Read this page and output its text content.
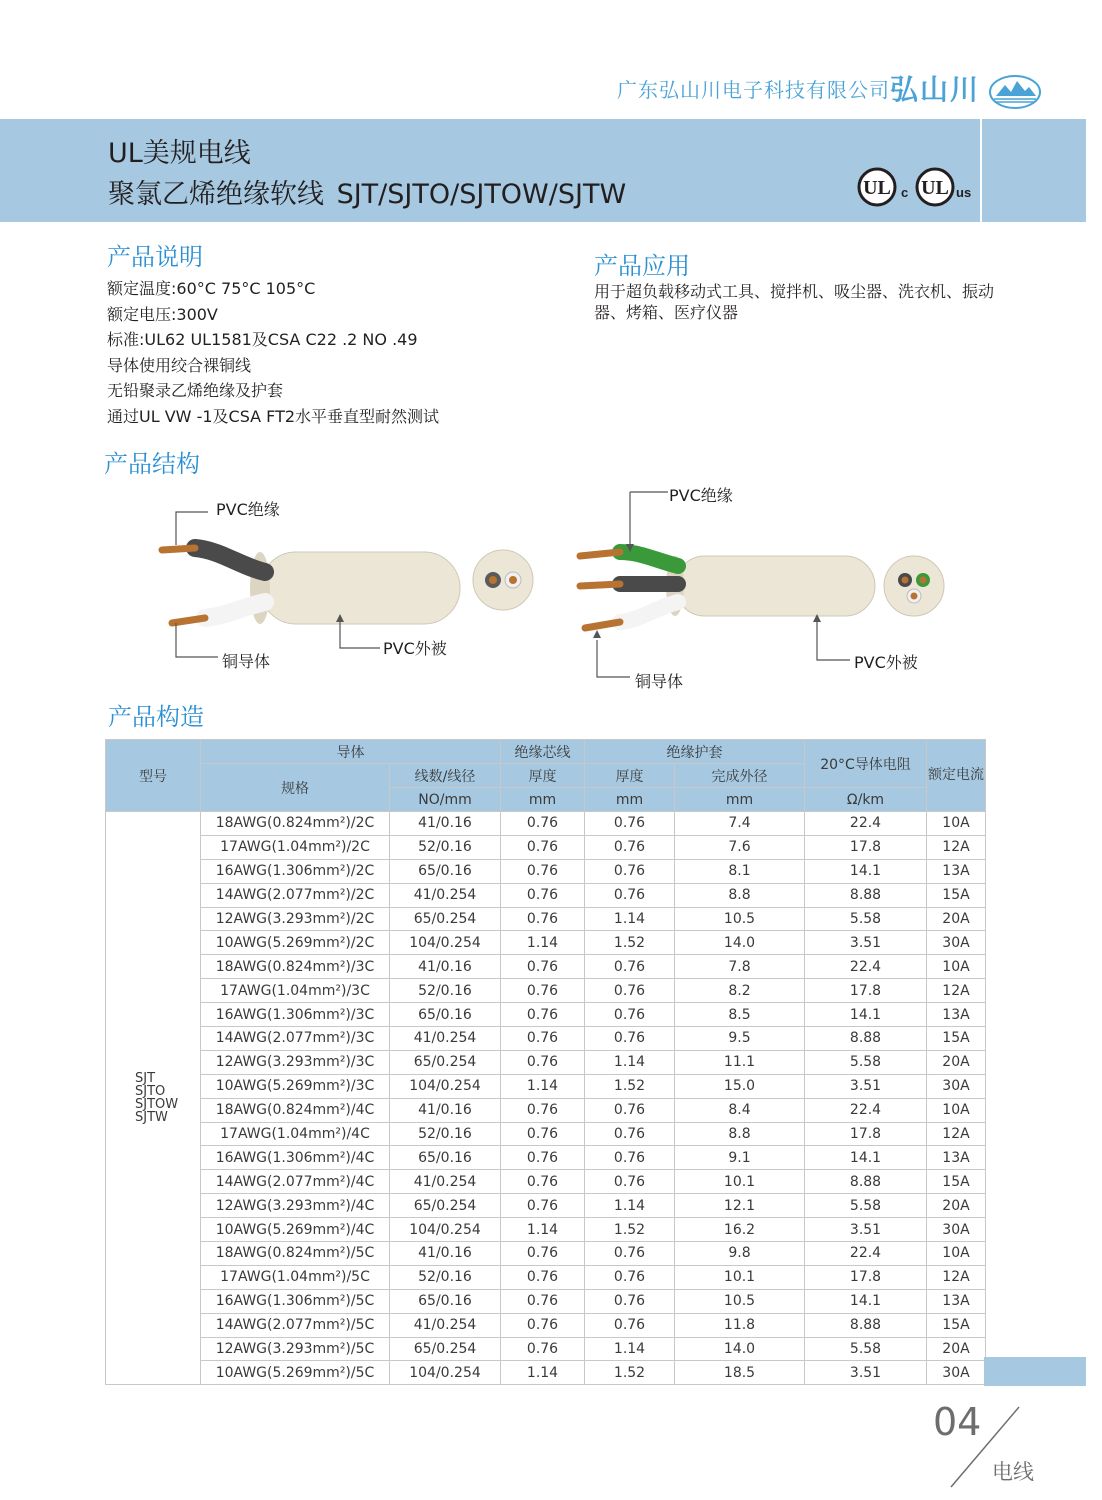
广东弘山川电子科技有限公司 弘山川
UL美规电线
聚氯乙烯绝缘软线 SJT/SJTO/SJTOW/SJTW	UL c UL us
产品说明
额定温度:60°C 75°C 105°C
额定电压:300V
标准:UL62 UL1581及CSA C22 .2 NO .49
导体使用绞合裸铜线
无铅聚录乙烯绝缘及护套
通过UL VW -1及CSA FT2水平垂直型耐然测试
产品应用
用于超负载移动式工具、搅拌机、吸尘器、洗衣机、振动器、烤箱、医疗仪器
产品结构
PVC绝缘
铜导体
PVC外被
PVC绝缘
铜导体
PVC外被
产品构造
型号	导体		绝缘芯线	绝缘护套		20°C导体电阻	额定电流
	规格	线数/线径	厚度	厚度	完成外径		
		NO/mm	mm	mm	mm	Ω/km	

SJT
SJTO
SJTOW
SJTW	18AWG(0.824mm²)/2C	41/0.16	0.76	0.76	7.4	22.4	10A
	17AWG(1.04mm²)/2C	52/0.16	0.76	0.76	7.6	17.8	12A
	16AWG(1.306mm²)/2C	65/0.16	0.76	0.76	8.1	14.1	13A
	14AWG(2.077mm²)/2C	41/0.254	0.76	0.76	8.8	8.88	15A
	12AWG(3.293mm²)/2C	65/0.254	0.76	1.14	10.5	5.58	20A
	10AWG(5.269mm²)/2C	104/0.254	1.14	1.52	14.0	3.51	30A
	18AWG(0.824mm²)/3C	41/0.16	0.76	0.76	7.8	22.4	10A
	17AWG(1.04mm²)/3C	52/0.16	0.76	0.76	8.2	17.8	12A
	16AWG(1.306mm²)/3C	65/0.16	0.76	0.76	8.5	14.1	13A
	14AWG(2.077mm²)/3C	41/0.254	0.76	0.76	9.5	8.88	15A
	12AWG(3.293mm²)/3C	65/0.254	0.76	1.14	11.1	5.58	20A
	10AWG(5.269mm²)/3C	104/0.254	1.14	1.52	15.0	3.51	30A
	18AWG(0.824mm²)/4C	41/0.16	0.76	0.76	8.4	22.4	10A
	17AWG(1.04mm²)/4C	52/0.16	0.76	0.76	8.8	17.8	12A
	16AWG(1.306mm²)/4C	65/0.16	0.76	0.76	9.1	14.1	13A
	14AWG(2.077mm²)/4C	41/0.254	0.76	0.76	10.1	8.88	15A
	12AWG(3.293mm²)/4C	65/0.254	0.76	1.14	12.1	5.58	20A
	10AWG(5.269mm²)/4C	104/0.254	1.14	1.52	16.2	3.51	30A
	18AWG(0.824mm²)/5C	41/0.16	0.76	0.76	9.8	22.4	10A
	17AWG(1.04mm²)/5C	52/0.16	0.76	0.76	10.1	17.8	12A
	16AWG(1.306mm²)/5C	65/0.16	0.76	0.76	10.5	14.1	13A
	14AWG(2.077mm²)/5C	41/0.254	0.76	0.76	11.8	8.88	15A
	12AWG(3.293mm²)/5C	65/0.254	0.76	1.14	14.0	5.58	20A
	10AWG(5.269mm²)/5C	104/0.254	1.14	1.52	18.5	3.51	30A
04
电线
